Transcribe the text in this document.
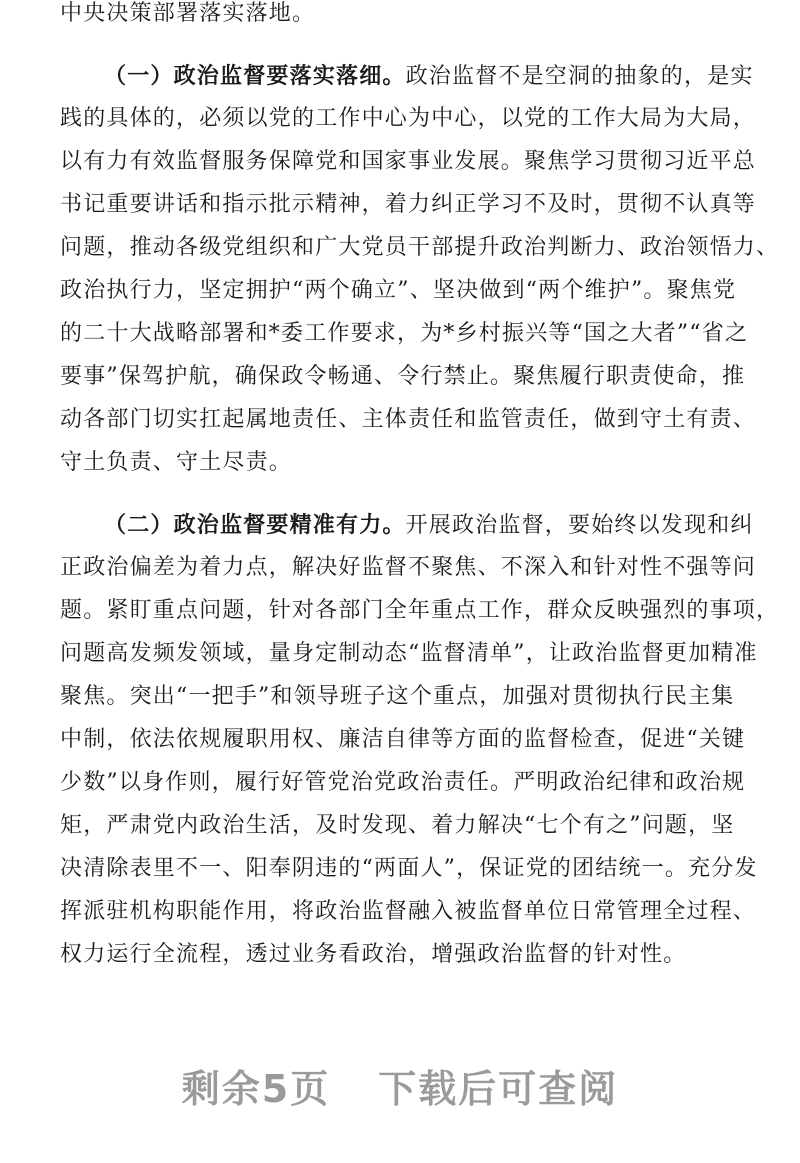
中央决策部署落实落地。
（一）政治监督要落实落细。政治监督不是空洞的抽象的，是实
践的具体的，必须以党的工作中心为中心，以党的工作大局为大局，
以有力有效监督服务保障党和国家事业发展。聚焦学习贯彻习近平总
书记重要讲话和指示批示精神，着力纠正学习不及时，贯彻不认真等
问题，推动各级党组织和广大党员干部提升政治判断力、政治领悟力、
政治执行力，坚定拥护“两个确立”、坚决做到“两个维护”。聚焦党
的二十大战略部署和*委工作要求，为*乡村振兴等“国之大者”“省之
要事”保驾护航，确保政令畅通、令行禁止。聚焦履行职责使命，推
动各部门切实扛起属地责任、主体责任和监管责任，做到守土有责、
守土负责、守土尽责。
（二）政治监督要精准有力。开展政治监督，要始终以发现和纠
正政治偏差为着力点，解决好监督不聚焦、不深入和针对性不强等问
题。紧盯重点问题，针对各部门全年重点工作，群众反映强烈的事项，
问题高发频发领域，量身定制动态“监督清单”，让政治监督更加精准
聚焦。突出“一把手”和领导班子这个重点，加强对贯彻执行民主集
中制，依法依规履职用权、廉洁自律等方面的监督检查，促进“关键
少数”以身作则，履行好管党治党政治责任。严明政治纪律和政治规
矩，严肃党内政治生活，及时发现、着力解决“七个有之”问题，坚
决清除表里不一、阳奉阴违的“两面人”，保证党的团结统一。充分发
挥派驻机构职能作用，将政治监督融入被监督单位日常管理全过程、
权力运行全流程，透过业务看政治，增强政治监督的针对性。
剩余5页 下载后可查阅
